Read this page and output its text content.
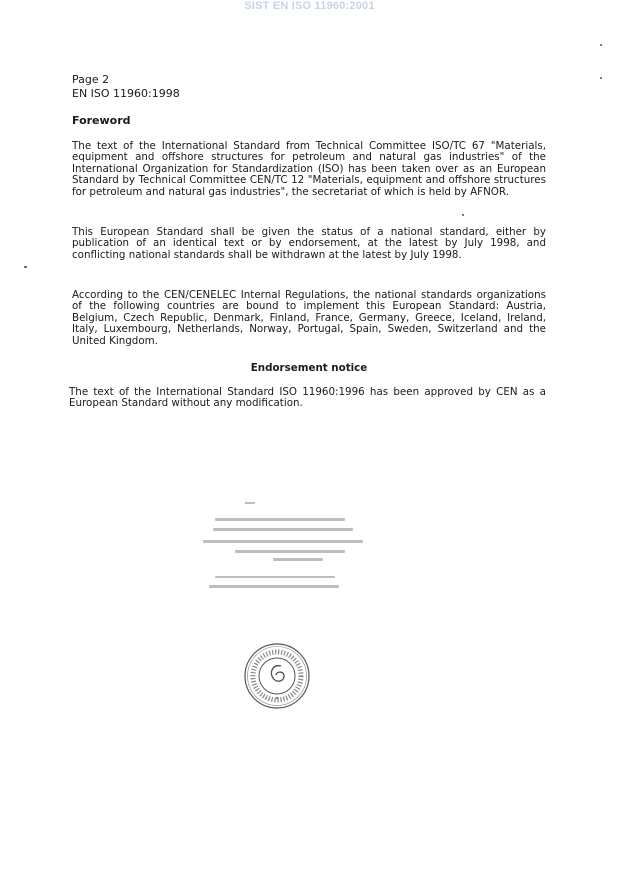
SIST EN ISO 11960:2001
Page 2
EN ISO 11960:1998
Foreword

The text of the International Standard from Technical Committee ISO/TC 67 "Materials, equipment and offshore structures for petroleum and natural gas industries" of the International Organization for Standardization (ISO) has been taken over as an European Standard by Technical Committee CEN/TC 12 "Materials, equipment and offshore structures for petroleum and natural gas industries", the secretariat of which is held by AFNOR.

This European Standard shall be given the status of a national standard, either by publication of an identical text or by endorsement, at the latest by July 1998, and conflicting national standards shall be withdrawn at the latest by July 1998.

According to the CEN/CENELEC Internal Regulations, the national standards organizations of the following countries are bound to implement this European Standard: Austria, Belgium, Czech Republic, Denmark, Finland, France, Germany, Greece, Iceland, Ireland, Italy, Luxembourg, Netherlands, Norway, Portugal, Spain, Sweden, Switzerland and the United Kingdom.

Endorsement notice

The text of the International Standard ISO 11960:1996 has been approved by CEN as a European Standard without any modification.
